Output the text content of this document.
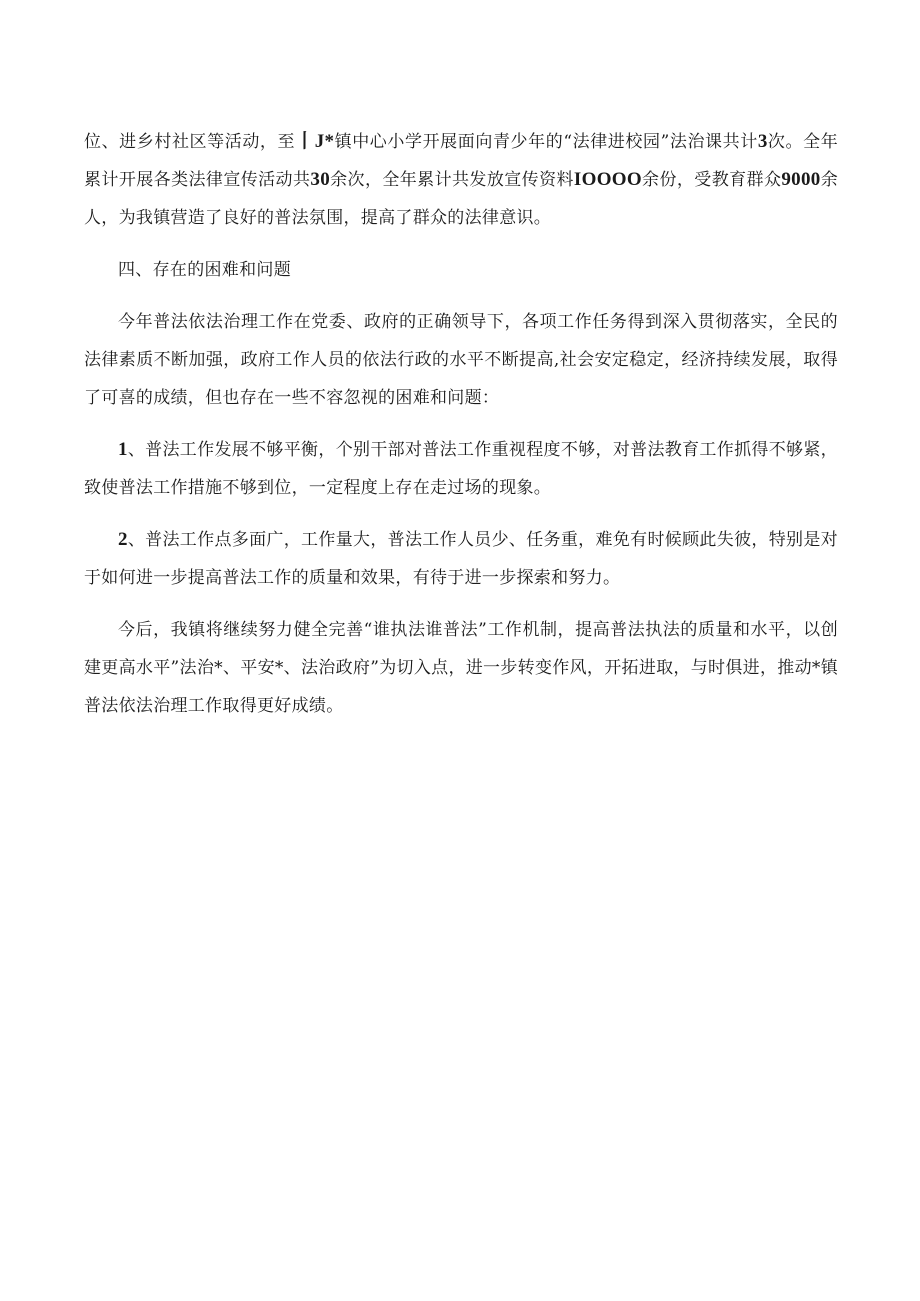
位、进乡村社区等活动，至丨J*镇中心小学开展面向青少年的“法律进校园”法治课共计3次。全年累计开展各类法律宣传活动共30余次，全年累计共发放宣传资料IOOOO余份，受教育群众9000余人，为我镇营造了良好的普法氛围，提高了群众的法律意识。

四、存在的困难和问题

今年普法依法治理工作在党委、政府的正确领导下，各项工作任务得到深入贯彻落实，全民的法律素质不断加强，政府工作人员的依法行政的水平不断提高,社会安定稳定，经济持续发展，取得了可喜的成绩，但也存在一些不容忽视的困难和问题：

1、普法工作发展不够平衡，个别干部对普法工作重视程度不够，对普法教育工作抓得不够紧，致使普法工作措施不够到位，一定程度上存在走过场的现象。

2、普法工作点多面广，工作量大，普法工作人员少、任务重，难免有时候顾此失彼，特别是对于如何进一步提高普法工作的质量和效果，有待于进一步探索和努力。

今后，我镇将继续努力健全完善“谁执法谁普法”工作机制，提高普法执法的质量和水平，以创建更高水平”法治*、平安*、法治政府”为切入点，进一步转变作风，开拓进取，与时俱进，推动*镇普法依法治理工作取得更好成绩。
